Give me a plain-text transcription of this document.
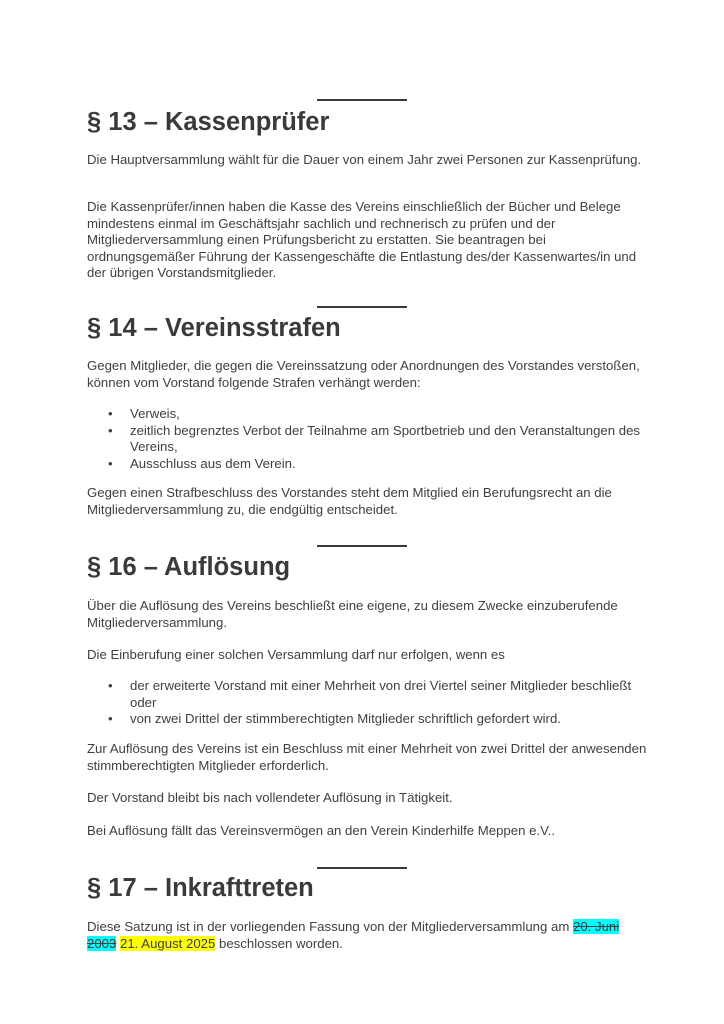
§ 13 – Kassenprüfer

Die Hauptversammlung wählt für die Dauer von einem Jahr zwei Personen zur Kassenprüfung.

Die Kassenprüfer/innen haben die Kasse des Vereins einschließlich der Bücher und Belege mindestens einmal im Geschäftsjahr sachlich und rechnerisch zu prüfen und der Mitgliederversammlung einen Prüfungsbericht zu erstatten. Sie beantragen bei ordnungsgemäßer Führung der Kassengeschäfte die Entlastung des/der Kassenwartes/in und der übrigen Vorstandsmitglieder.

§ 14 – Vereinsstrafen

Gegen Mitglieder, die gegen die Vereinssatzung oder Anordnungen des Vorstandes verstoßen, können vom Vorstand folgende Strafen verhängt werden:

• Verweis,
• zeitlich begrenztes Verbot der Teilnahme am Sportbetrieb und den Veranstaltungen des Vereins,
• Ausschluss aus dem Verein.

Gegen einen Strafbeschluss des Vorstandes steht dem Mitglied ein Berufungsrecht an die Mitgliederversammlung zu, die endgültig entscheidet.

§ 16 – Auflösung

Über die Auflösung des Vereins beschließt eine eigene, zu diesem Zwecke einzuberufende Mitgliederversammlung.

Die Einberufung einer solchen Versammlung darf nur erfolgen, wenn es

• der erweiterte Vorstand mit einer Mehrheit von drei Viertel seiner Mitglieder beschließt oder
• von zwei Drittel der stimmberechtigten Mitglieder schriftlich gefordert wird.

Zur Auflösung des Vereins ist ein Beschluss mit einer Mehrheit von zwei Drittel der anwesenden stimmberechtigten Mitglieder erforderlich.

Der Vorstand bleibt bis nach vollendeter Auflösung in Tätigkeit.

Bei Auflösung fällt das Vereinsvermögen an den Verein Kinderhilfe Meppen e.V..

§ 17 – Inkrafttreten

Diese Satzung ist in der vorliegenden Fassung von der Mitgliederversammlung am 20. Juni 2003 21. August 2025 beschlossen worden.
